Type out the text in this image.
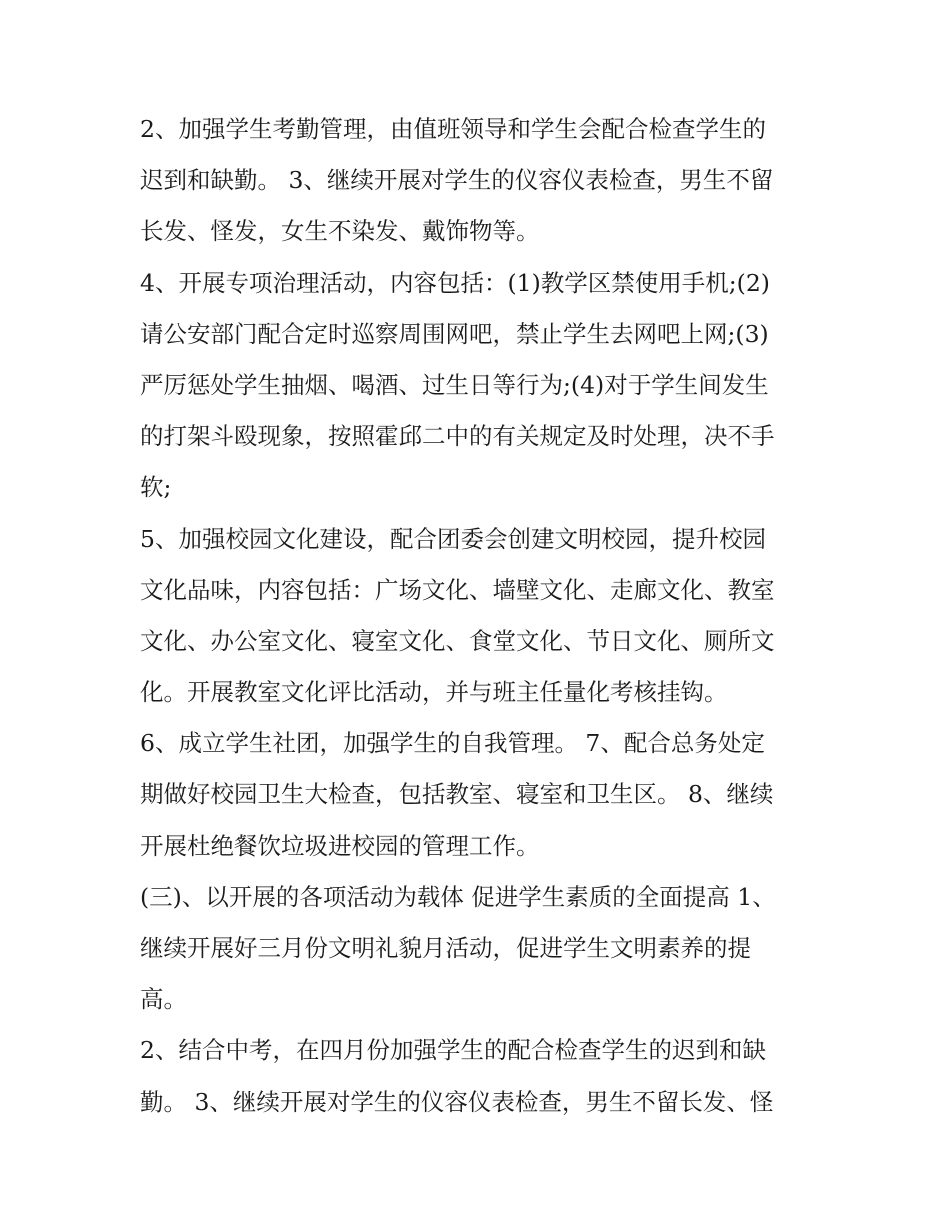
2、加强学生考勤管理，由值班领导和学生会配合检查学生的
迟到和缺勤。 3、继续开展对学生的仪容仪表检查，男生不留
长发、怪发，女生不染发、戴饰物等。
4、开展专项治理活动，内容包括：(1)教学区禁使用手机;(2)
请公安部门配合定时巡察周围网吧，禁止学生去网吧上网;(3)
严厉惩处学生抽烟、喝酒、过生日等行为;(4)对于学生间发生
的打架斗殴现象，按照霍邱二中的有关规定及时处理，决不手
软;
5、加强校园文化建设，配合团委会创建文明校园，提升校园
文化品味，内容包括：广场文化、墙壁文化、走廊文化、教室
文化、办公室文化、寝室文化、食堂文化、节日文化、厕所文
化。开展教室文化评比活动，并与班主任量化考核挂钩。
6、成立学生社团，加强学生的自我管理。 7、配合总务处定
期做好校园卫生大检查，包括教室、寝室和卫生区。 8、继续
开展杜绝餐饮垃圾进校园的管理工作。
(三)、以开展的各项活动为载体 促进学生素质的全面提高 1、
继续开展好三月份文明礼貌月活动，促进学生文明素养的提
高。
2、结合中考，在四月份加强学生的配合检查学生的迟到和缺
勤。 3、继续开展对学生的仪容仪表检查，男生不留长发、怪
